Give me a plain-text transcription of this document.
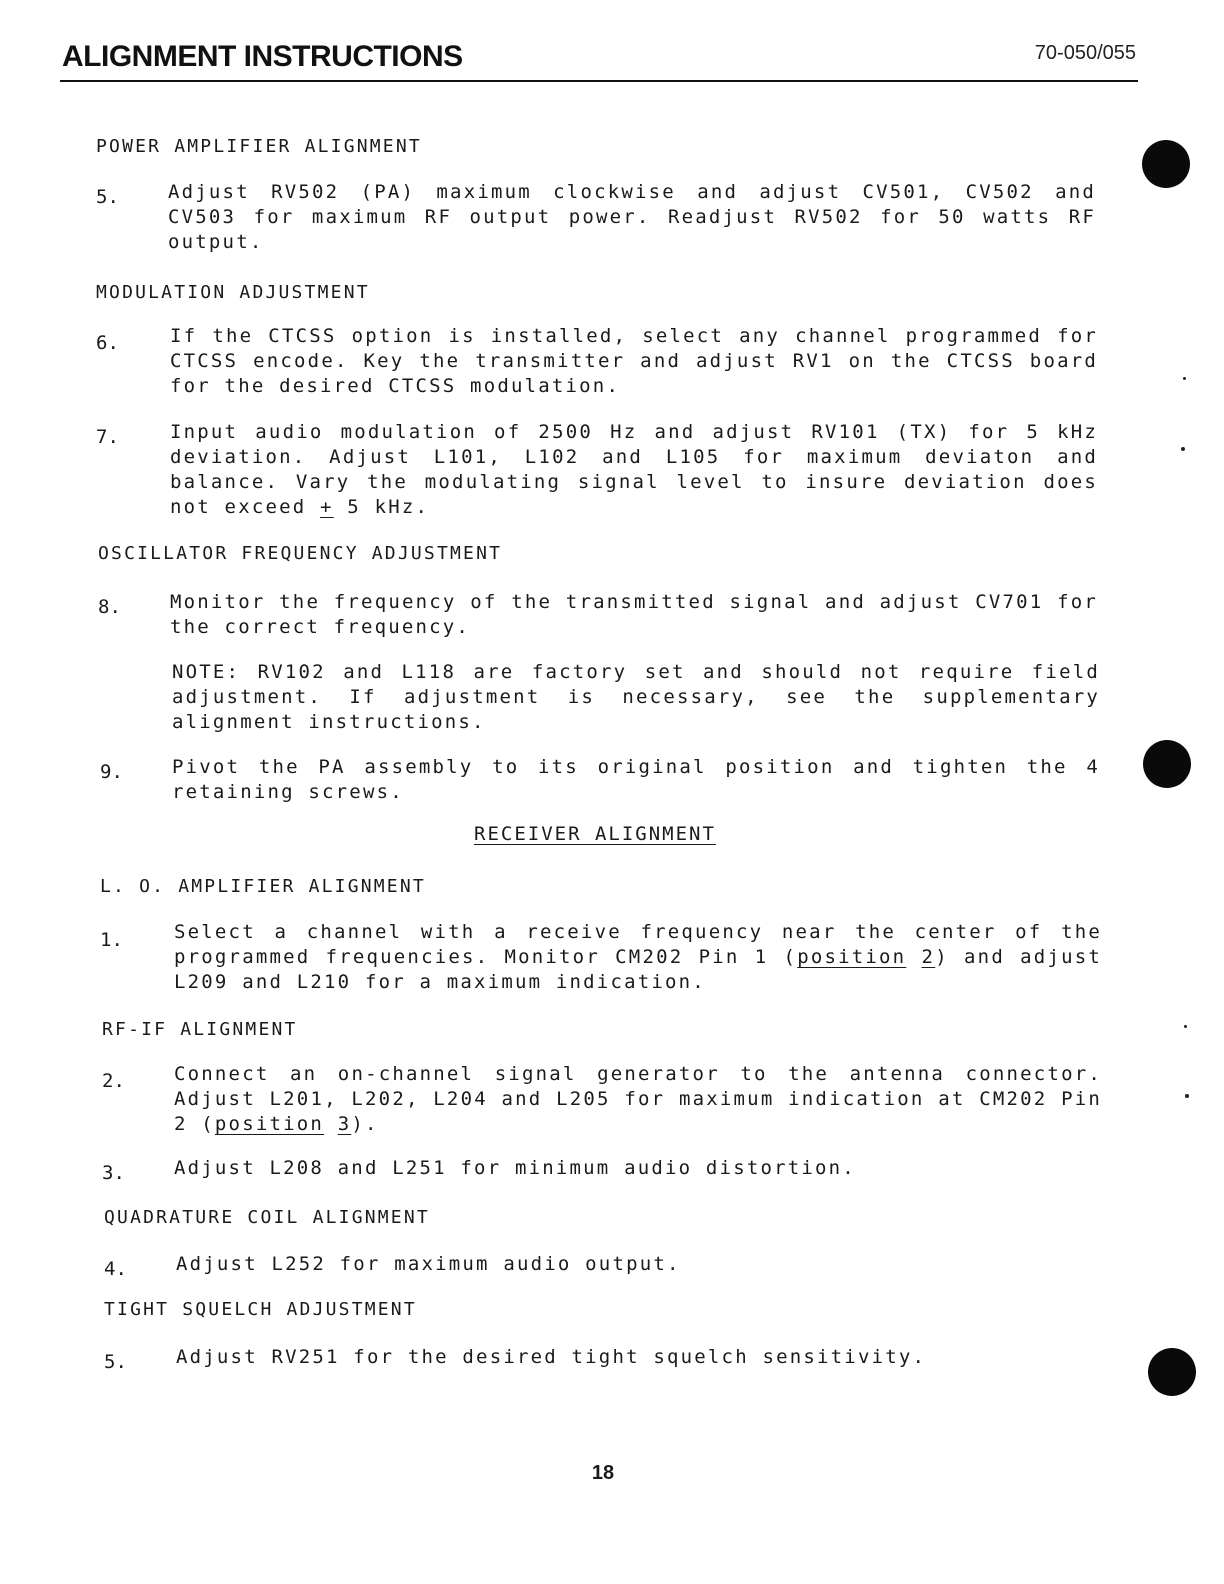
ALIGNMENT INSTRUCTIONS	70-050/055
POWER AMPLIFIER ALIGNMENT
5.	Adjust RV502 (PA) maximum clockwise and adjust CV501, CV502 and CV503 for maximum RF output power. Readjust RV502 for 50 watts RF output.
MODULATION ADJUSTMENT
6.	If the CTCSS option is installed, select any channel programmed for CTCSS encode. Key the transmitter and adjust RV1 on the CTCSS board for the desired CTCSS modulation.
7.	Input audio modulation of 2500 Hz and adjust RV101 (TX) for 5 kHz deviation. Adjust L101, L102 and L105 for maximum deviaton and balance. Vary the modulating signal level to insure deviation does not exceed + 5 kHz.
OSCILLATOR FREQUENCY ADJUSTMENT
8.	Monitor the frequency of the transmitted signal and adjust CV701 for the correct frequency.
NOTE: RV102 and L118 are factory set and should not require field adjustment. If adjustment is necessary, see the supplementary alignment instructions.
9.	Pivot the PA assembly to its original position and tighten the 4 retaining screws.
RECEIVER ALIGNMENT
L. O. AMPLIFIER ALIGNMENT
1.	Select a channel with a receive frequency near the center of the programmed frequencies. Monitor CM202 Pin 1 (position 2) and adjust L209 and L210 for a maximum indication.
RF-IF ALIGNMENT
2.	Connect an on-channel signal generator to the antenna connector. Adjust L201, L202, L204 and L205 for maximum indication at CM202 Pin 2 (position 3).
3.	Adjust L208 and L251 for minimum audio distortion.
QUADRATURE COIL ALIGNMENT
4.	Adjust L252 for maximum audio output.
TIGHT SQUELCH ADJUSTMENT
5.	Adjust RV251 for the desired tight squelch sensitivity.
18
